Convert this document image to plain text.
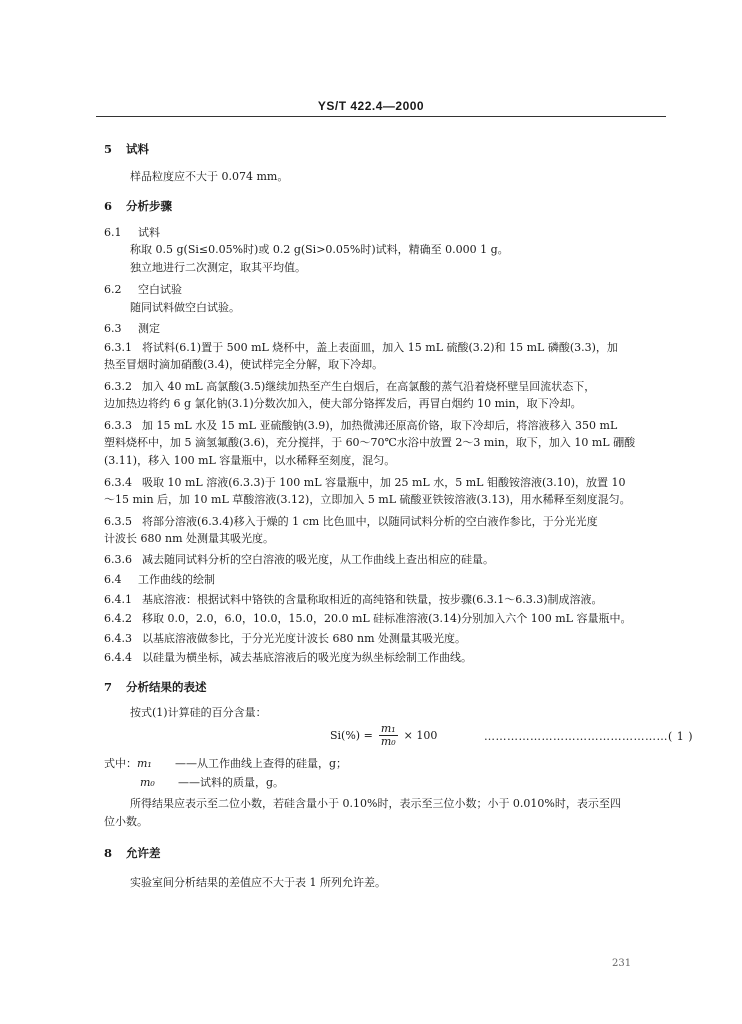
YS/T 422.4—2000
5 试料
样品粒度应不大于 0.074 mm。
6 分析步骤
6.1 试料
称取 0.5 g(Si≤0.05%时)或 0.2 g(Si>0.05%时)试料，精确至 0.000 1 g。
独立地进行二次测定，取其平均值。
6.2 空白试验
随同试料做空白试验。
6.3 测定
6.3.1 将试料(6.1)置于 500 mL 烧杯中，盖上表面皿，加入 15 mL 硫酸(3.2)和 15 mL 磷酸(3.3)，加
热至冒烟时滴加硝酸(3.4)，使试样完全分解，取下冷却。
6.3.2 加入 40 mL 高氯酸(3.5)继续加热至产生白烟后，在高氯酸的蒸气沿着烧杯壁呈回流状态下，
边加热边将约 6 g 氯化钠(3.1)分数次加入，使大部分铬挥发后，再冒白烟约 10 min，取下冷却。
6.3.3 加 15 mL 水及 15 mL 亚硫酸钠(3.9)，加热微沸还原高价铬，取下冷却后，将溶液移入 350 mL
塑料烧杯中，加 5 滴氢氟酸(3.6)，充分搅拌，于 60～70℃水浴中放置 2～3 min，取下，加入 10 mL 硼酸
(3.11)，移入 100 mL 容量瓶中，以水稀释至刻度，混匀。
6.3.4 吸取 10 mL 溶液(6.3.3)于 100 mL 容量瓶中，加 25 mL 水，5 mL 钼酸铵溶液(3.10)，放置 10
～15 min 后，加 10 mL 草酸溶液(3.12)，立即加入 5 mL 硫酸亚铁铵溶液(3.13)，用水稀释至刻度混匀。
6.3.5 将部分溶液(6.3.4)移入于燥的 1 cm 比色皿中，以随同试料分析的空白液作参比，于分光光度
计波长 680 nm 处测量其吸光度。
6.3.6 减去随同试料分析的空白溶液的吸光度，从工作曲线上查出相应的硅量。
6.4 工作曲线的绘制
6.4.1 基底溶液：根据试料中铬铁的含量称取相近的高纯铬和铁量，按步骤(6.3.1～6.3.3)制成溶液。
6.4.2 移取 0.0，2.0，6.0，10.0，15.0，20.0 mL 硅标准溶液(3.14)分别加入六个 100 mL 容量瓶中。
6.4.3 以基底溶液做参比，于分光光度计波长 680 nm 处测量其吸光度。
6.4.4 以硅量为横坐标，减去基底溶液后的吸光度为纵坐标绘制工作曲线。
7 分析结果的表述
按式(1)计算硅的百分含量：
$Si(\%) = \frac{\text{m₁}}{\text{m₀}} \times 100$	…………………………………………( 1 )
式中：m₁ ——从工作曲线上查得的硅量，g；
m₀ ——试料的质量，g。
所得结果应表示至二位小数，若硅含量小于 0.10%时，表示至三位小数；小于 0.010%时，表示至四
位小数。
8 允许差
实验室间分析结果的差值应不大于表 1 所列允许差。
231
